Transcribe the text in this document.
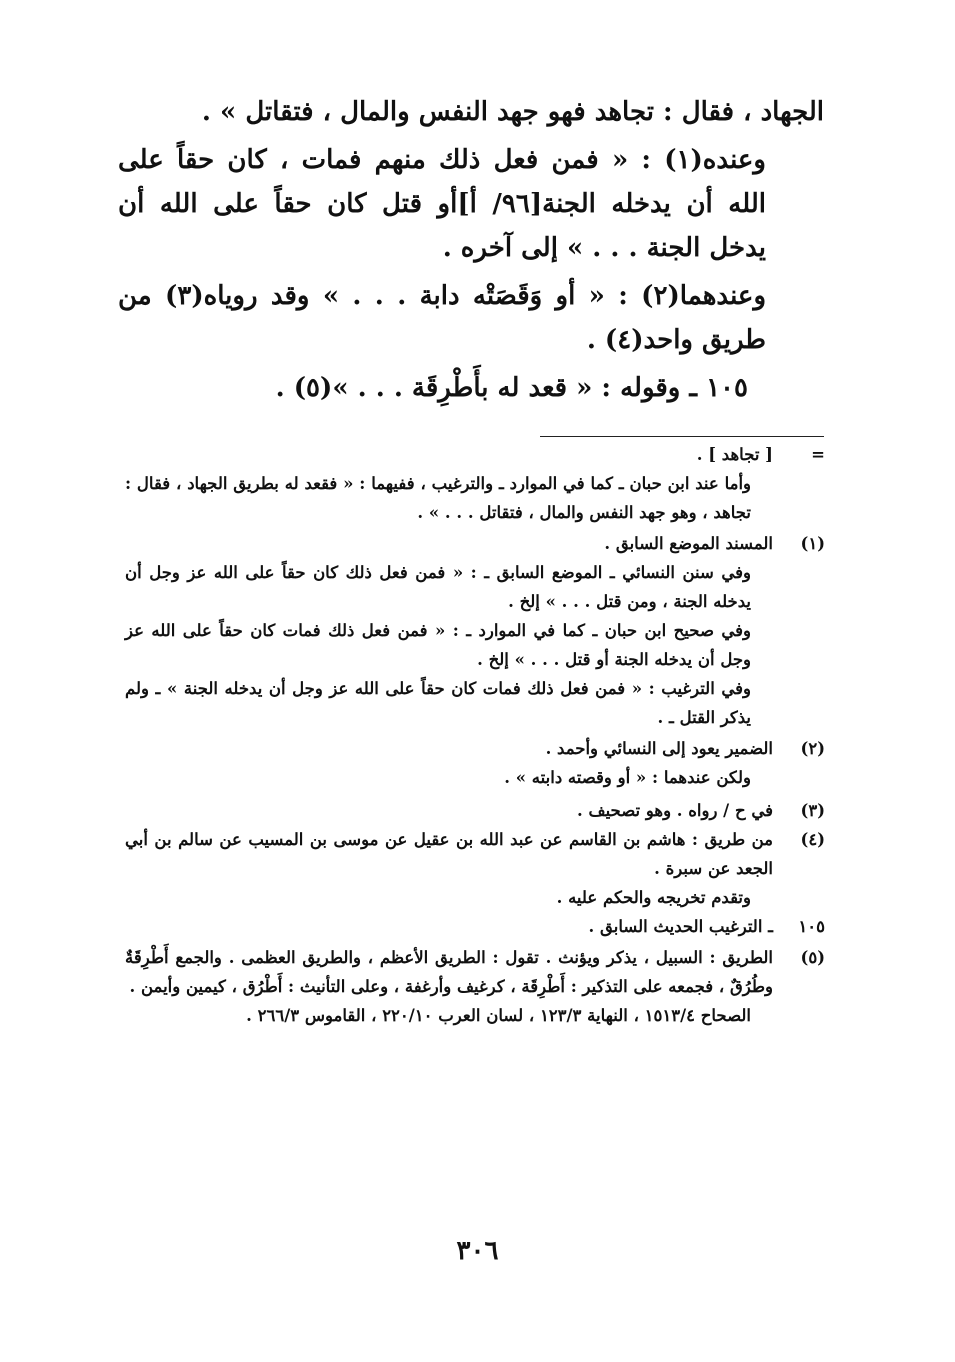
الجهاد ، فقال : تجاهد فهو جهد النفس والمال ، فتقاتل » .

وعنده(١) : « فمن فعل ذلك منهم فمات ، كان حقاً على الله أن يدخله الجنة[٩٦/ أ]أو قتل كان حقاً على الله أن يدخل الجنة . . . » إلى آخره .

وعندهما(٢) : « أو وَقَصَتْه دابة . . . » وقد روياه(٣) من طريق واحد(٤) .

١٠٥ ـ وقوله : « قعد له بأَطْرِقَة . . . »(٥) .

=
[ تجاهد ] .
وأما عند ابن حبان ـ كما في الموارد ـ والترغيب ، ففيهما : « فقعد له بطريق الجهاد ، فقال : تجاهد ، وهو جهد النفس والمال ، فتقاتل . . . » .
(١)
المسند الموضع السابق .
وفي سنن النسائي ـ الموضع السابق ـ : « فمن فعل ذلك كان حقاً على الله عز وجل أن يدخله الجنة ، ومن قتل . . . » إلخ .
وفي صحيح ابن حبان ـ كما في الموارد ـ : « فمن فعل ذلك فمات كان حقاً على الله عز وجل أن يدخله الجنة أو قتل . . . » إلخ .
وفي الترغيب : « فمن فعل ذلك فمات كان حقاً على الله عز وجل أن يدخله الجنة » ـ ولم يذكر القتل ـ .
(٢)
الضمير يعود إلى النسائي وأحمد .
ولكن عندهما : « أو وقصته دابته » .
(٣)
في ح / رواه . وهو تصحيف .
(٤)
من طريق : هاشم بن القاسم عن عبد الله بن عقيل عن موسى بن المسيب عن سالم بن أبي الجعد عن سبرة .
وتقدم تخريجه والحكم عليه .
١٠٥
ـ الترغيب الحديث السابق .
(٥)
الطريق : السبيل ، يذكر ويؤنث . تقول : الطريق الأعظم ، والطريق العظمى . والجمع أَطْرِقَةٌ وطُرُقٌ ، فجمعه على التذكير : أَطْرِقَة ، كرغيف وأرغفة ، وعلى التأنيث : أَطْرُق ، كيمين وأيمن .
الصحاح ١٥١٣/٤ ، النهاية ١٢٣/٣ ، لسان العرب ٢٢٠/١٠ ، القاموس ٢٦٦/٣ .
٣٠٦
